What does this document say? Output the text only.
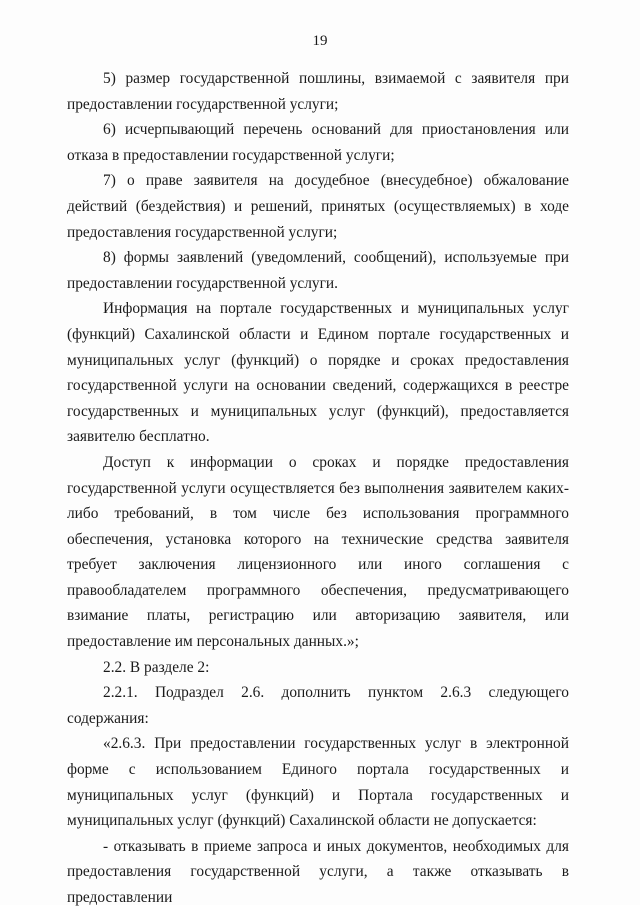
19

5) размер государственной пошлины, взимаемой с заявителя при предоставлении государственной услуги;

6) исчерпывающий перечень оснований для приостановления или отказа в предоставлении государственной услуги;

7) о праве заявителя на досудебное (внесудебное) обжалование действий (бездействия) и решений, принятых (осуществляемых) в ходе предоставления государственной услуги;

8) формы заявлений (уведомлений, сообщений), используемые при предоставлении государственной услуги.

Информация на портале государственных и муниципальных услуг (функций) Сахалинской области и Едином портале государственных и муниципальных услуг (функций) о порядке и сроках предоставления государственной услуги на основании сведений, содержащихся в реестре государственных и муниципальных услуг (функций), предоставляется заявителю бесплатно.

Доступ к информации о сроках и порядке предоставления государственной услуги осуществляется без выполнения заявителем каких-либо требований, в том числе без использования программного обеспечения, установка которого на технические средства заявителя требует заключения лицензионного или иного соглашения с правообладателем программного обеспечения, предусматривающего взимание платы, регистрацию или авторизацию заявителя, или предоставление им персональных данных.»;

2.2. В разделе 2:

2.2.1. Подраздел 2.6. дополнить пунктом 2.6.3 следующего содержания:

«2.6.3. При предоставлении государственных услуг в электронной форме с использованием Единого портала государственных и муниципальных услуг (функций) и Портала государственных и муниципальных услуг (функций) Сахалинской области не допускается:

- отказывать в приеме запроса и иных документов, необходимых для предоставления государственной услуги, а также отказывать в предоставлении
